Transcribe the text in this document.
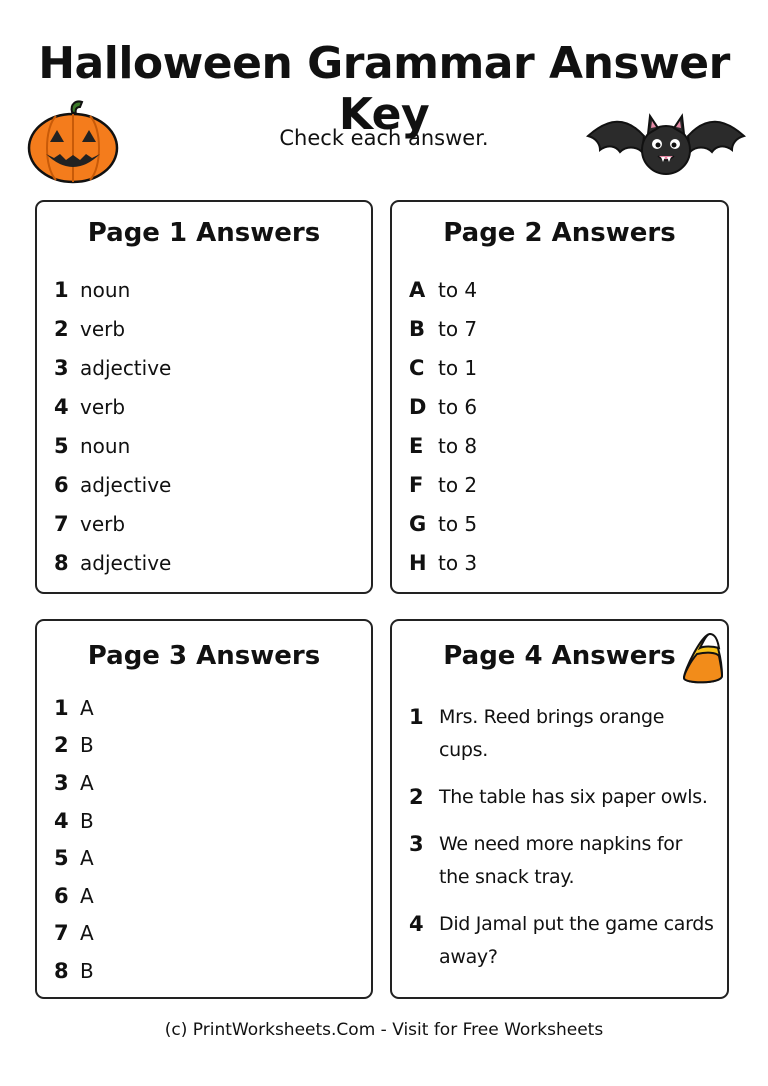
Halloween Grammar Answer Key
Check each answer.
Page 1 Answers
1 noun
2 verb
3 adjective
4 verb
5 noun
6 adjective
7 verb
8 adjective
Page 2 Answers
A to 4
B to 7
C to 1
D to 6
E to 8
F to 2
G to 5
H to 3
Page 3 Answers
1 A
2 B
3 A
4 B
5 A
6 A
7 A
8 B
Page 4 Answers
1 Mrs. Reed brings orange cups.
2 The table has six paper owls.
3 We need more napkins for the snack tray.
4 Did Jamal put the game cards away?
(c) PrintWorksheets.Com - Visit for Free Worksheets
